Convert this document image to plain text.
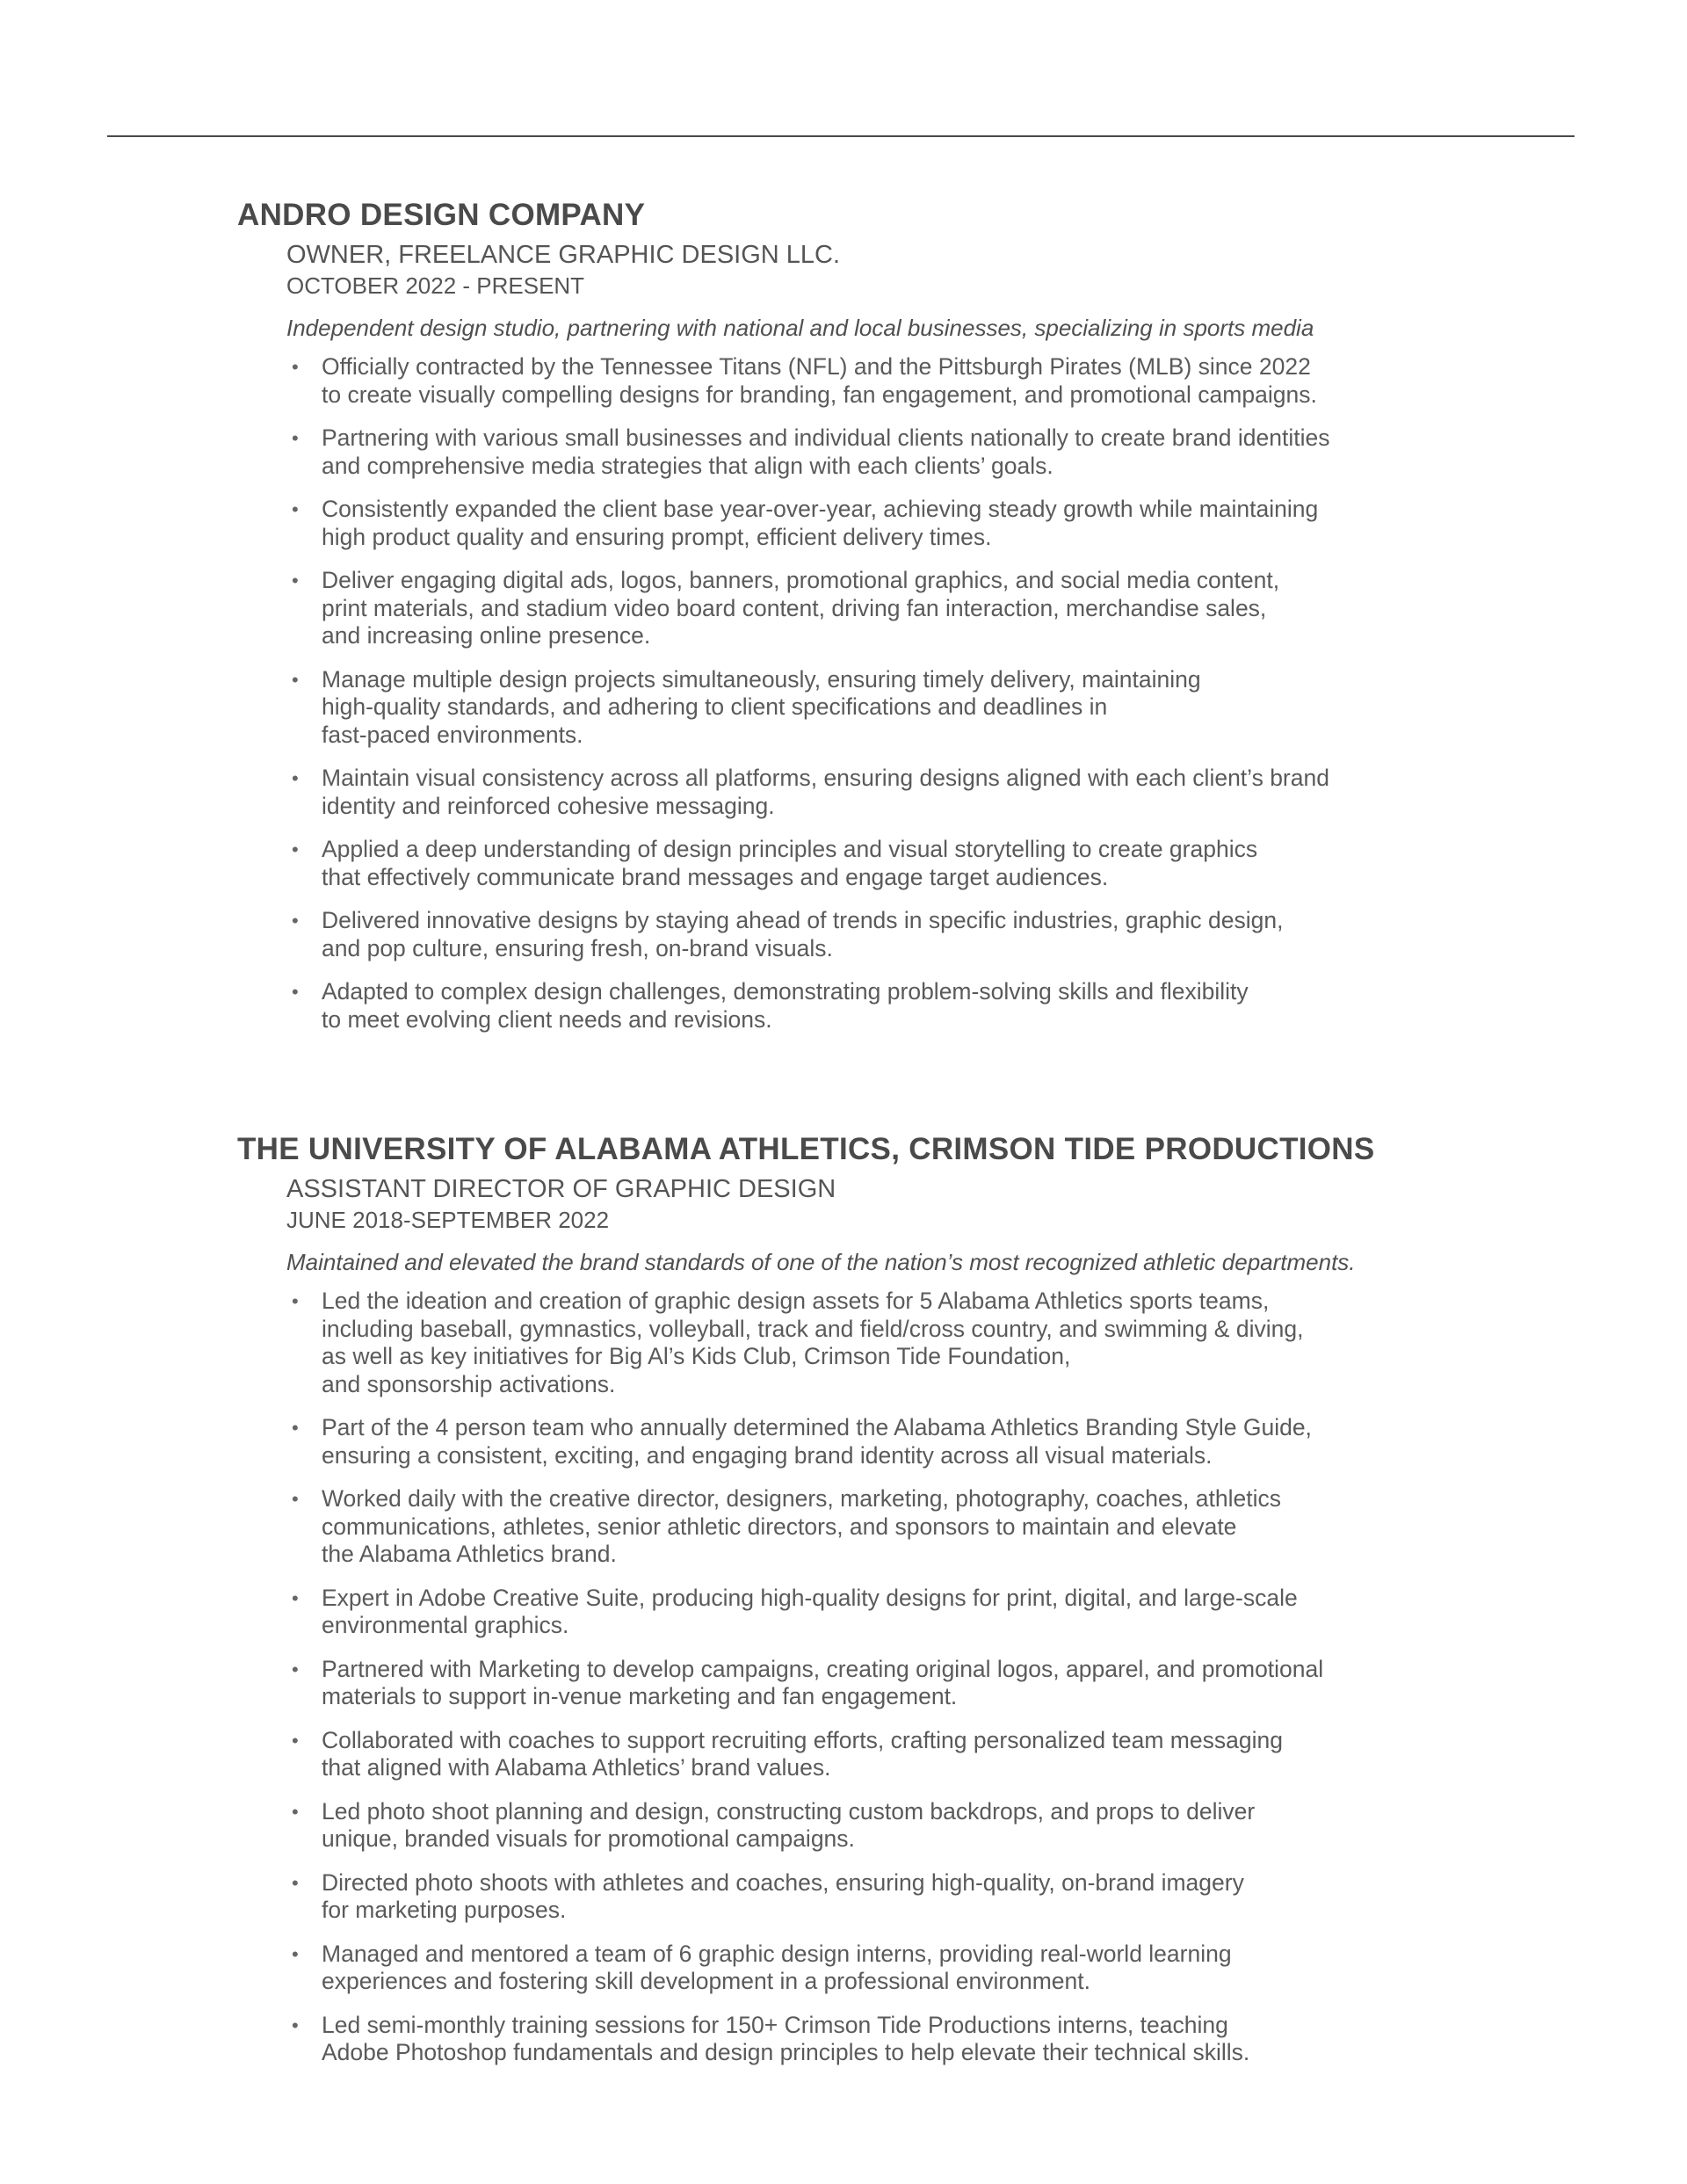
ANDRO DESIGN COMPANY
OWNER, FREELANCE GRAPHIC DESIGN LLC.
OCTOBER 2022 - PRESENT
Independent design studio, partnering with national and local businesses, specializing in sports media
• Officially contracted by the Tennessee Titans (NFL) and the Pittsburgh Pirates (MLB) since 2022
to create visually compelling designs for branding, fan engagement, and promotional campaigns.
• Partnering with various small businesses and individual clients nationally to create brand identities
and comprehensive media strategies that align with each clients’ goals.
• Consistently expanded the client base year-over-year, achieving steady growth while maintaining
high product quality and ensuring prompt, efficient delivery times.
• Deliver engaging digital ads, logos, banners, promotional graphics, and social media content,
print materials, and stadium video board content, driving fan interaction, merchandise sales,
and increasing online presence.
• Manage multiple design projects simultaneously, ensuring timely delivery, maintaining
high-quality standards, and adhering to client specifications and deadlines in
fast-paced environments.
• Maintain visual consistency across all platforms, ensuring designs aligned with each client’s brand
identity and reinforced cohesive messaging.
• Applied a deep understanding of design principles and visual storytelling to create graphics
that effectively communicate brand messages and engage target audiences.
• Delivered innovative designs by staying ahead of trends in specific industries, graphic design,
and pop culture, ensuring fresh, on-brand visuals.
• Adapted to complex design challenges, demonstrating problem-solving skills and flexibility
to meet evolving client needs and revisions.
THE UNIVERSITY OF ALABAMA ATHLETICS, CRIMSON TIDE PRODUCTIONS
ASSISTANT DIRECTOR OF GRAPHIC DESIGN
JUNE 2018-SEPTEMBER 2022
Maintained and elevated the brand standards of one of the nation’s most recognized athletic departments.
• Led the ideation and creation of graphic design assets for 5 Alabama Athletics sports teams,
including baseball, gymnastics, volleyball, track and field/cross country, and swimming & diving,
as well as key initiatives for Big Al’s Kids Club, Crimson Tide Foundation,
and sponsorship activations.
• Part of the 4 person team who annually determined the Alabama Athletics Branding Style Guide,
ensuring a consistent, exciting, and engaging brand identity across all visual materials.
• Worked daily with the creative director, designers, marketing, photography, coaches, athletics
communications, athletes, senior athletic directors, and sponsors to maintain and elevate
the Alabama Athletics brand.
• Expert in Adobe Creative Suite, producing high-quality designs for print, digital, and large-scale
environmental graphics.
• Partnered with Marketing to develop campaigns, creating original logos, apparel, and promotional
materials to support in-venue marketing and fan engagement.
• Collaborated with coaches to support recruiting efforts, crafting personalized team messaging
that aligned with Alabama Athletics’ brand values.
• Led photo shoot planning and design, constructing custom backdrops, and props to deliver
unique, branded visuals for promotional campaigns.
• Directed photo shoots with athletes and coaches, ensuring high-quality, on-brand imagery
for marketing purposes.
• Managed and mentored a team of 6 graphic design interns, providing real-world learning
experiences and fostering skill development in a professional environment.
• Led semi-monthly training sessions for 150+ Crimson Tide Productions interns, teaching
Adobe Photoshop fundamentals and design principles to help elevate their technical skills.
